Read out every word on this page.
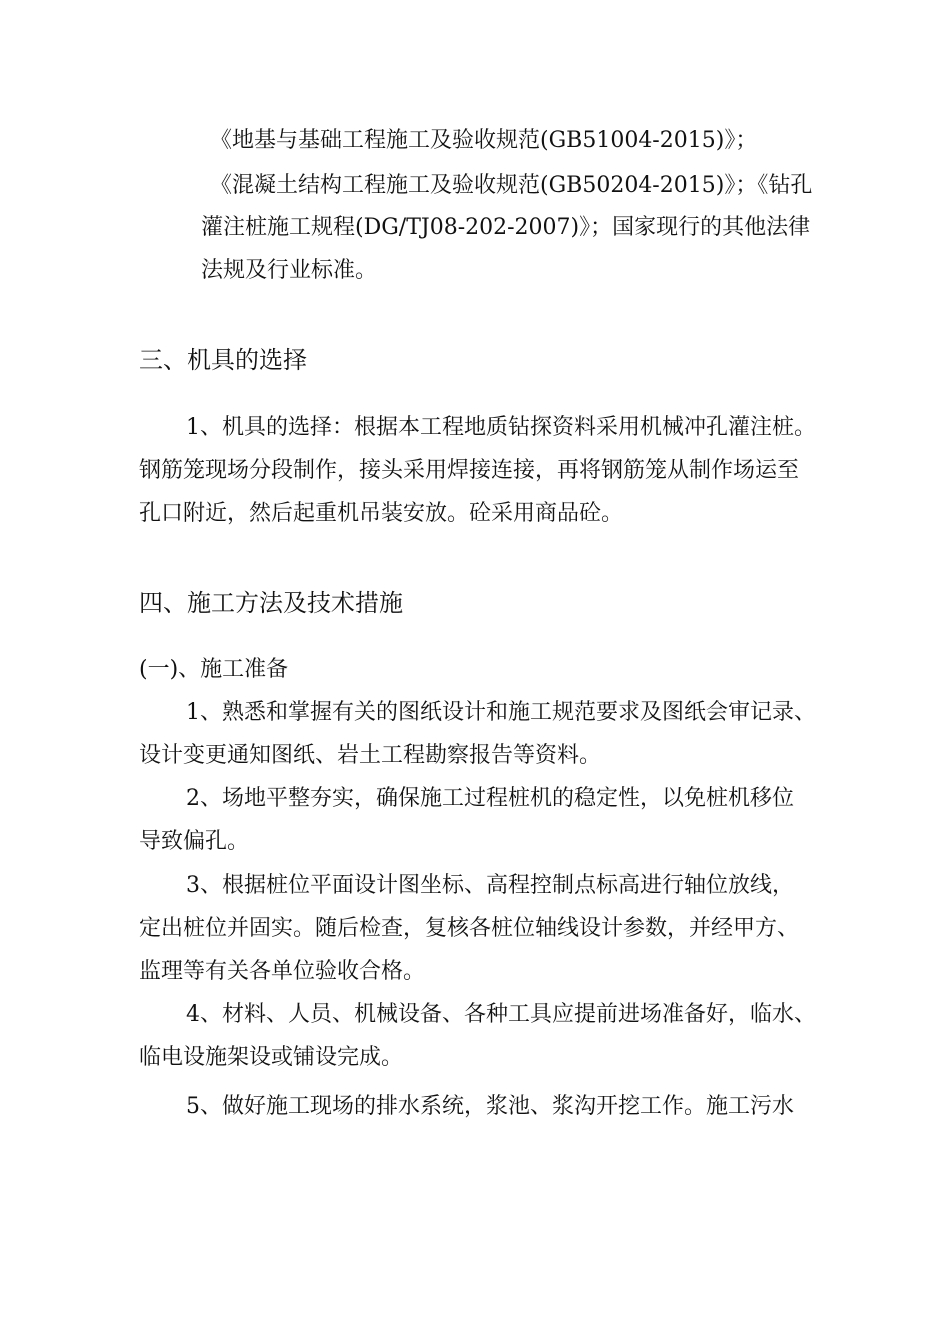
《地基与基础工程施工及验收规范(GB51004-2015)》；

《混凝土结构工程施工及验收规范(GB50204-2015)》；《钻孔

灌注桩施工规程(DG/TJ08-202-2007)》；国家现行的其他法律

法规及行业标准。

三、机具的选择

1、机具的选择：根据本工程地质钻探资料采用机械冲孔灌注桩。

钢筋笼现场分段制作，接头采用焊接连接，再将钢筋笼从制作场运至

孔口附近，然后起重机吊装安放。砼采用商品砼。

四、施工方法及技术措施

(一)、施工准备

1、熟悉和掌握有关的图纸设计和施工规范要求及图纸会审记录、

设计变更通知图纸、岩土工程勘察报告等资料。

2、场地平整夯实，确保施工过程桩机的稳定性，以免桩机移位

导致偏孔。

3、根据桩位平面设计图坐标、高程控制点标高进行轴位放线，

定出桩位并固实。随后检查，复核各桩位轴线设计参数，并经甲方、

监理等有关各单位验收合格。

4、材料、人员、机械设备、各种工具应提前进场准备好，临水、

临电设施架设或铺设完成。

5、做好施工现场的排水系统，浆池、浆沟开挖工作。施工污水
